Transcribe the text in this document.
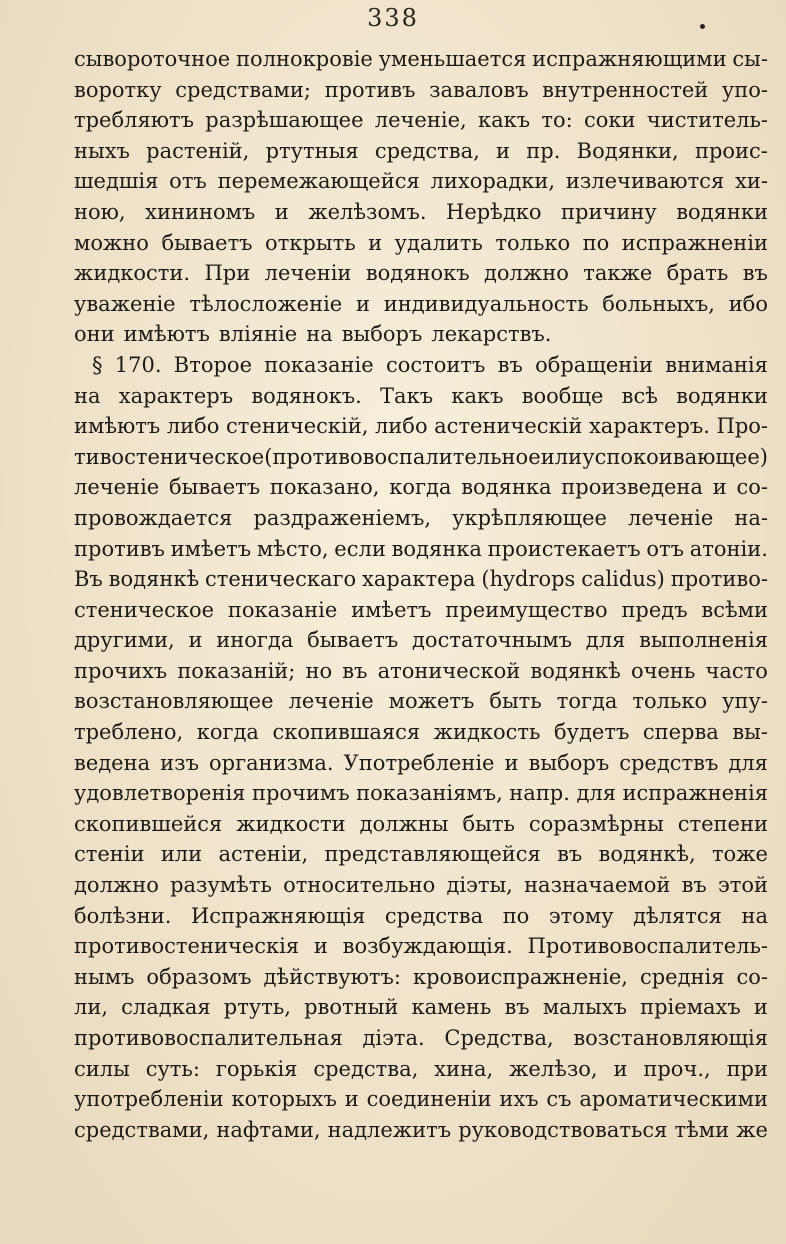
338
сывороточное полнокровіе уменьшается испражняющими сы-
воротку средствами; противъ заваловъ внутренностей упо-
требляютъ разрѣшающее леченіе, какъ то: соки чиститель-
ныхъ растеній, ртутныя средства, и пр. Водянки, проис-
шедшія отъ перемежающейся лихорадки, излечиваются хи-
ною, хининомъ и желѣзомъ. Нерѣдко причину водянки
можно бываетъ открыть и удалить только по испражненіи
жидкости. При леченіи водянокъ должно также брать въ
уваженіе тѣлосложеніе и индивидуальность больныхъ, ибо
они имѣютъ вліяніе на выборъ лекарствъ.
§ 170. Второе показаніе состоитъ въ обращеніи вниманія
на характеръ водянокъ. Такъ какъ вообще всѣ водянки
имѣютъ либо стеническій, либо астеническій характеръ. Про-
тивостеническое (противовоспалительное или успокоивающее)
леченіе бываетъ показано, когда водянка произведена и со-
провождается раздраженіемъ, укрѣпляющее леченіе на-
противъ имѣетъ мѣсто, если водянка проистекаетъ отъ атоніи.
Въ водянкѣ стеническаго характера (hydrops calidus) противо-
стеническое показаніе имѣетъ преимущество предъ всѣми
другими, и иногда бываетъ достаточнымъ для выполненія
прочихъ показаній; но въ атонической водянкѣ очень часто
возстановляющее леченіе можетъ быть тогда только упу-
треблено, когда скопившаяся жидкость будетъ сперва вы-
ведена изъ организма. Употребленіе и выборъ средствъ для
удовлетворенія прочимъ показаніямъ, напр. для испражненія
скопившейся жидкости должны быть соразмѣрны степени
стеніи или астеніи, представляющейся въ водянкѣ, тоже
должно разумѣть относительно діэты, назначаемой въ этой
болѣзни. Испражняющія средства по этому дѣлятся на
противостеническія и возбуждающія. Противовоспалитель-
нымъ образомъ дѣйствуютъ: кровоиспражненіе, среднія со-
ли, сладкая ртуть, рвотный камень въ малыхъ пріемахъ и
противовоспалительная діэта. Средства, возстановляющія
силы суть: горькія средства, хина, желѣзо, и проч., при
употребленіи которыхъ и соединеніи ихъ съ ароматическими
средствами, нафтами, надлежитъ руководствоваться тѣми же
